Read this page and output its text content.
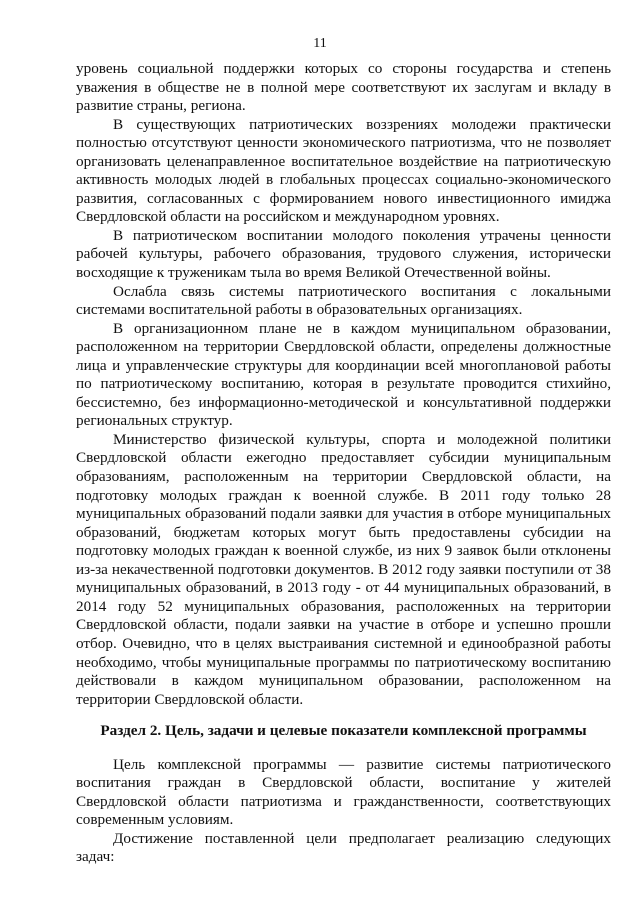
11

уровень социальной поддержки которых со стороны государства и степень уважения в обществе не в полной мере соответствуют их заслугам и вкладу в развитие страны, региона.

В существующих патриотических воззрениях молодежи практически полностью отсутствуют ценности экономического патриотизма, что не позволяет организовать целенаправленное воспитательное воздействие на патриотическую активность молодых людей в глобальных процессах социально-экономического развития, согласованных с формированием нового инвестиционного имиджа Свердловской области на российском и международном уровнях.

В патриотическом воспитании молодого поколения утрачены ценности рабочей культуры, рабочего образования, трудового служения, исторически восходящие к труженикам тыла во время Великой Отечественной войны.

Ослабла связь системы патриотического воспитания с локальными системами воспитательной работы в образовательных организациях.

В организационном плане не в каждом муниципальном образовании, расположенном на территории Свердловской области, определены должностные лица и управленческие структуры для координации всей многоплановой работы по патриотическому воспитанию, которая в результате проводится стихийно, бессистемно, без информационно-методической и консультативной поддержки региональных структур.

Министерство физической культуры, спорта и молодежной политики Свердловской области ежегодно предоставляет субсидии муниципальным образованиям, расположенным на территории Свердловской области, на подготовку молодых граждан к военной службе. В 2011 году только 28 муниципальных образований подали заявки для участия в отборе муниципальных образований, бюджетам которых могут быть предоставлены субсидии на подготовку молодых граждан к военной службе, из них 9 заявок были отклонены из-за некачественной подготовки документов. В 2012 году заявки поступили от 38 муниципальных образований, в 2013 году - от 44 муниципальных образований, в 2014 году 52 муниципальных образования, расположенных на территории Свердловской области, подали заявки на участие в отборе и успешно прошли отбор. Очевидно, что в целях выстраивания системной и единообразной работы необходимо, чтобы муниципальные программы по патриотическому воспитанию действовали в каждом муниципальном образовании, расположенном на территории Свердловской области.

Раздел 2. Цель, задачи и целевые показатели комплексной программы

Цель комплексной программы — развитие системы патриотического воспитания граждан в Свердловской области, воспитание у жителей Свердловской области патриотизма и гражданственности, соответствующих современным условиям.

Достижение поставленной цели предполагает реализацию следующих задач:
